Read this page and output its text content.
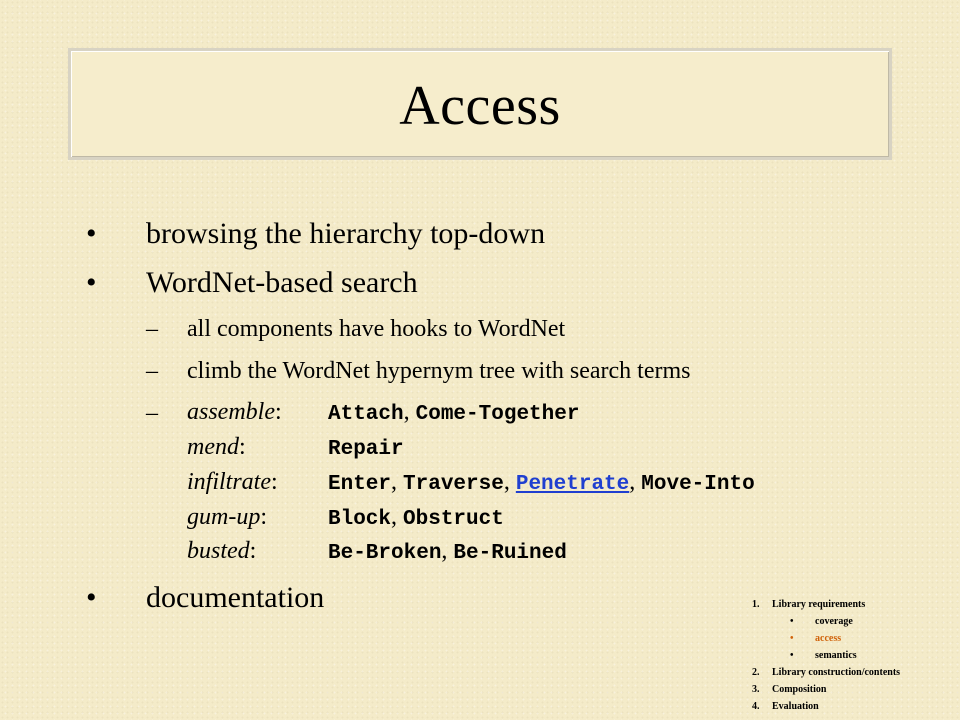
Access
• browsing the hierarchy top-down
• WordNet-based search
– all components have hooks to WordNet
– climb the WordNet hypernym tree with search terms
– assemble: Attach, Come-Together
mend:	Repair
infiltrate: Enter, Traverse, Penetrate, Move-Into
gum-up:	Block, Obstruct
busted:	Be-Broken, Be-Ruined
• documentation	1. Library requirements
• coverage
• access
• semantics
2. Library construction/contents
3. Composition
4. Evaluation
